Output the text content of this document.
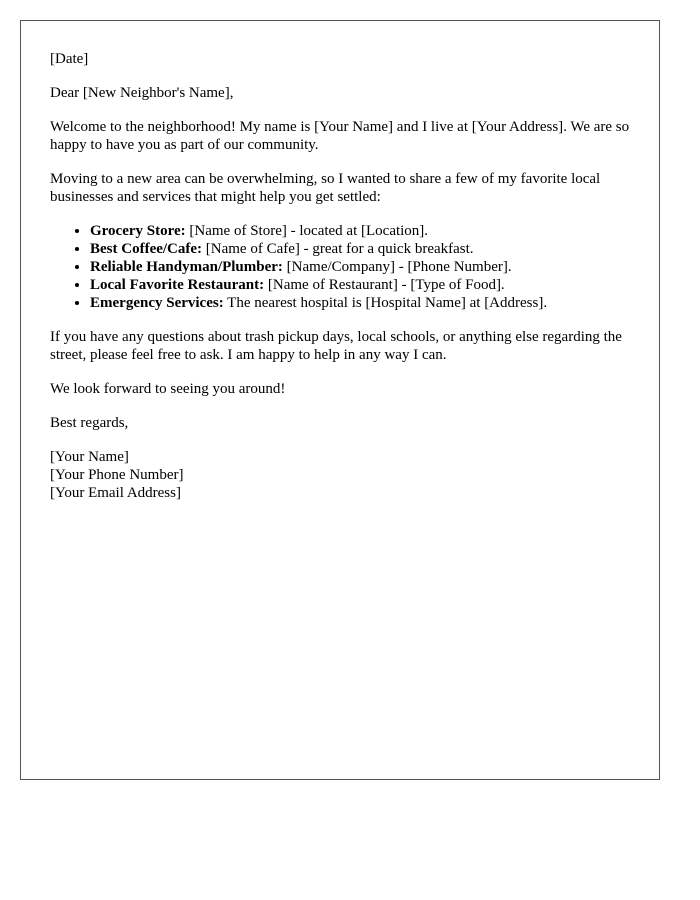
[Date]

Dear [New Neighbor's Name],

Welcome to the neighborhood! My name is [Your Name] and I live at [Your Address]. We are so happy to have you as part of our community.

Moving to a new area can be overwhelming, so I wanted to share a few of my favorite local businesses and services that might help you get settled:

• Grocery Store: [Name of Store] - located at [Location].
• Best Coffee/Cafe: [Name of Cafe] - great for a quick breakfast.
• Reliable Handyman/Plumber: [Name/Company] - [Phone Number].
• Local Favorite Restaurant: [Name of Restaurant] - [Type of Food].
• Emergency Services: The nearest hospital is [Hospital Name] at [Address].

If you have any questions about trash pickup days, local schools, or anything else regarding the street, please feel free to ask. I am happy to help in any way I can.

We look forward to seeing you around!

Best regards,

[Your Name]
[Your Phone Number]
[Your Email Address]
